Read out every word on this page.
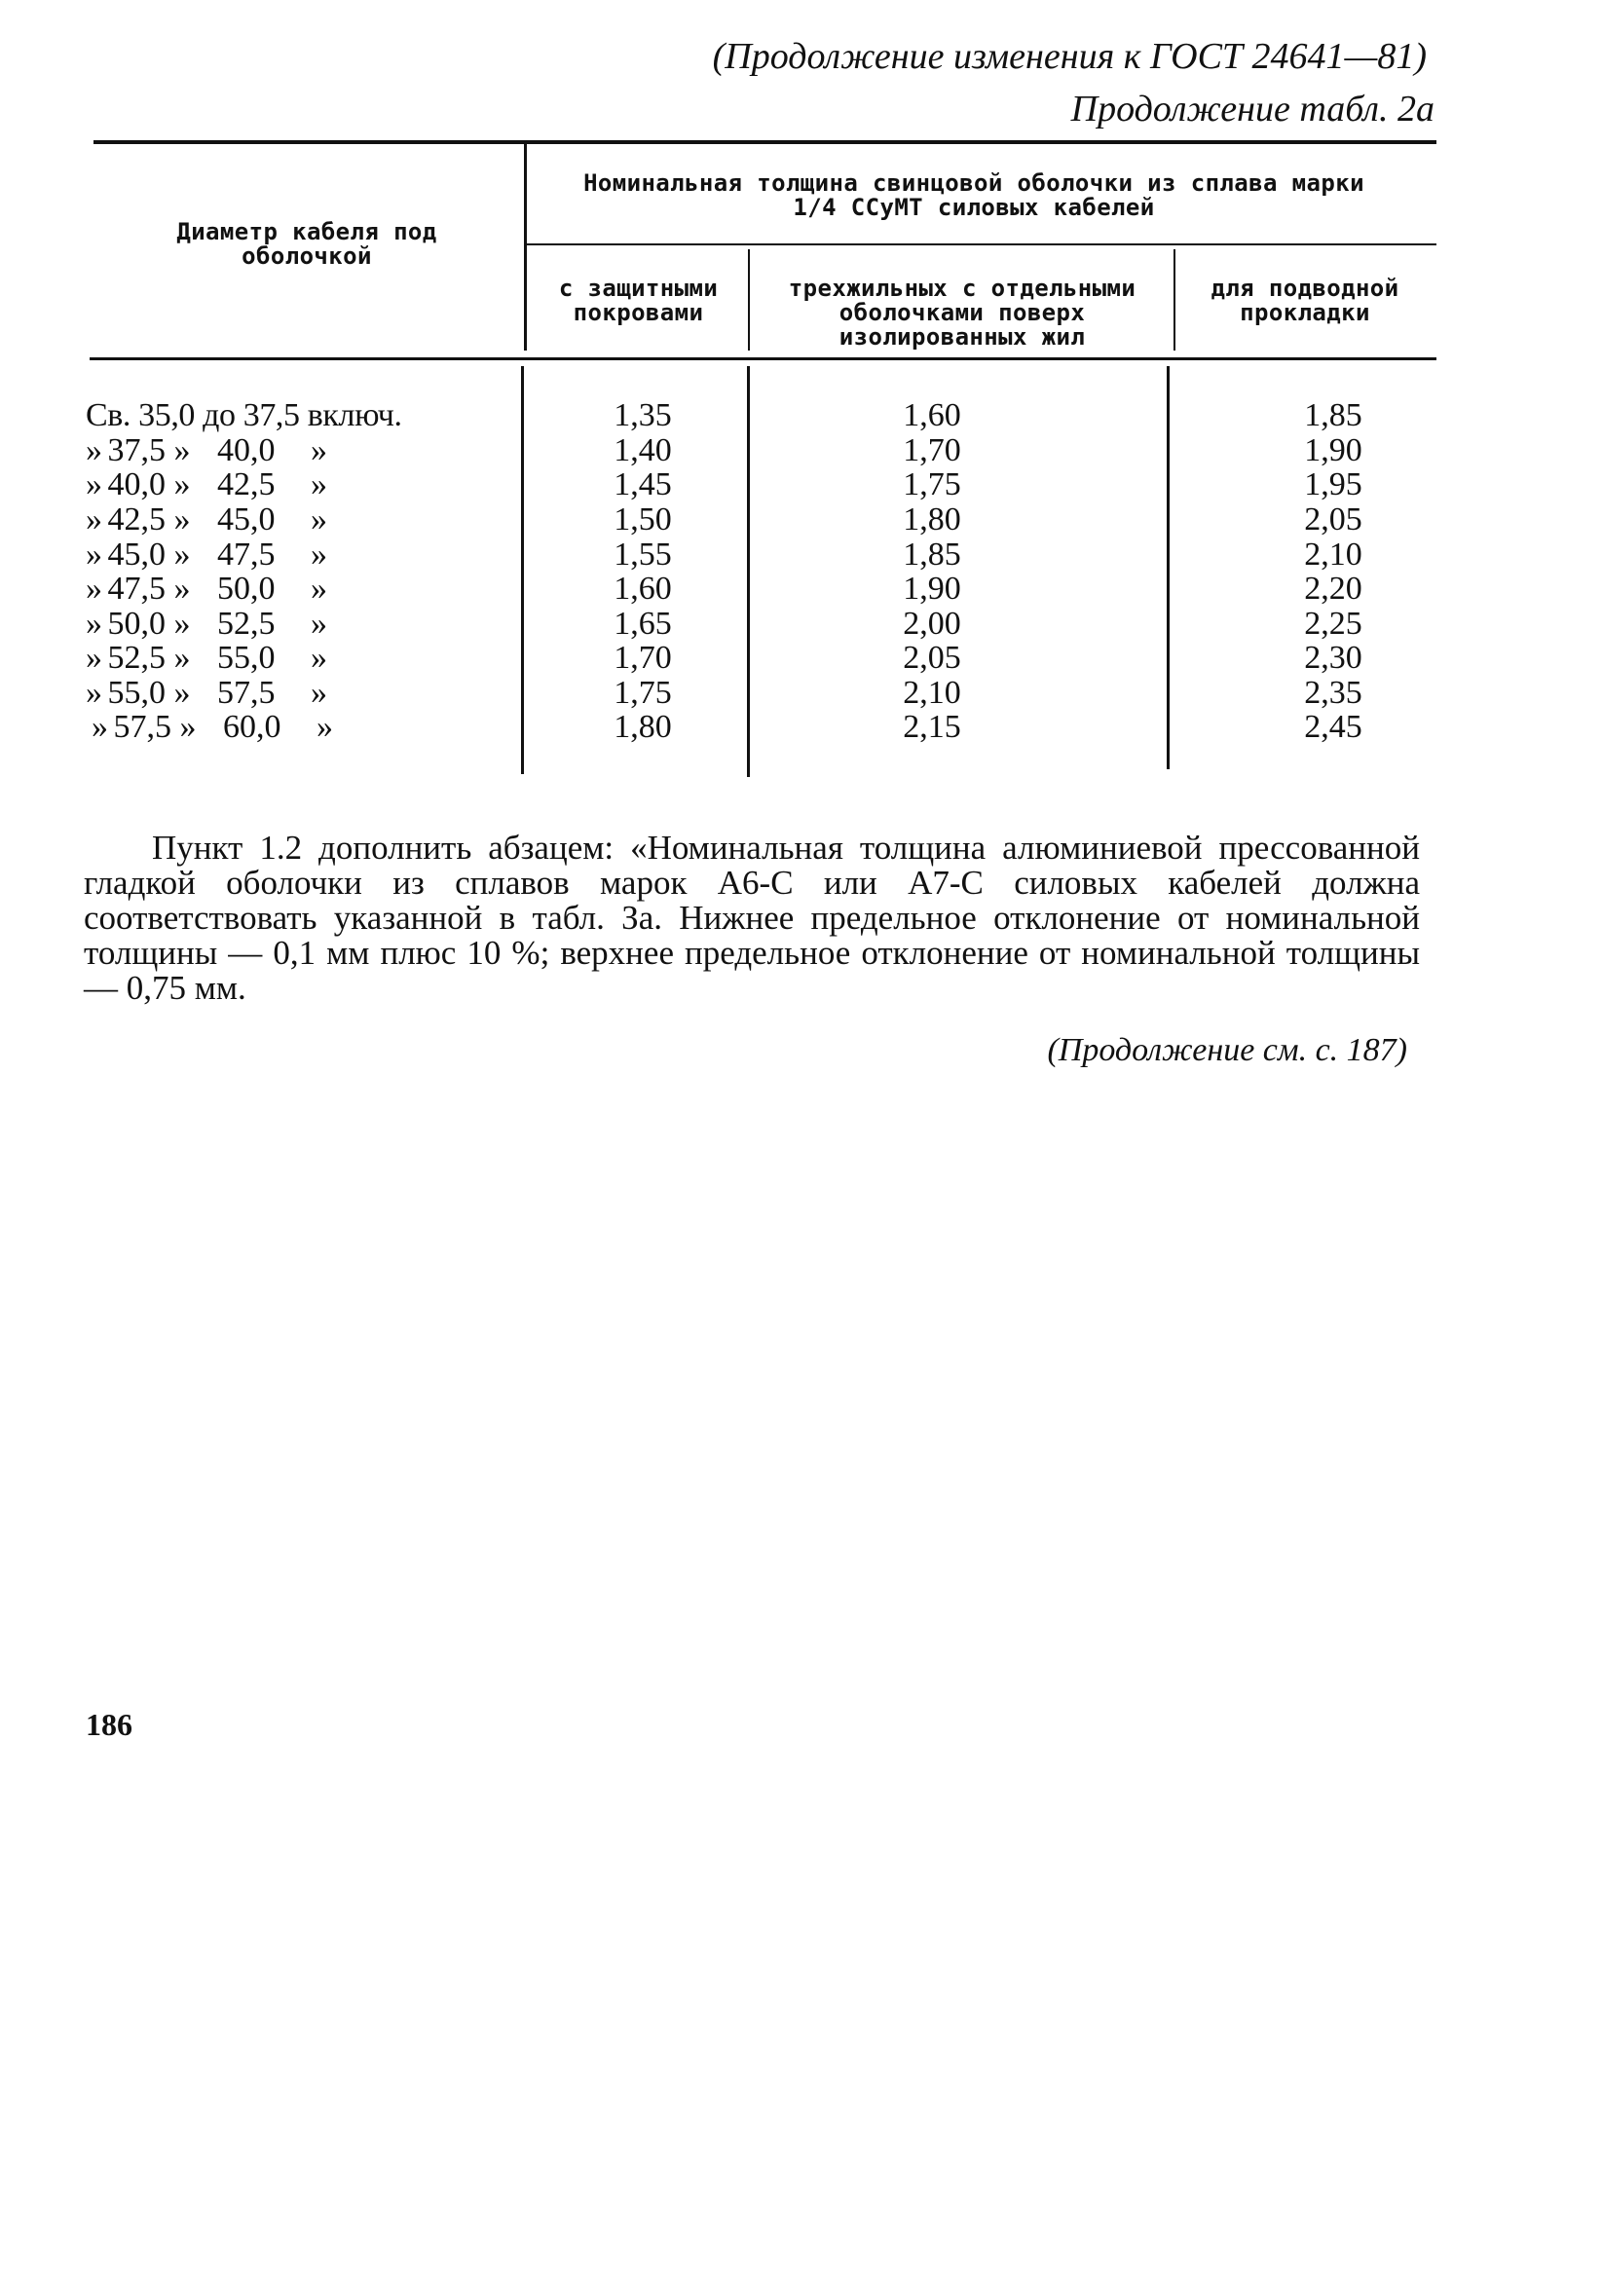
(Продолжение изменения к ГОСТ 24641—81)

Продолжение табл. 2а

Диаметр кабеля под оболочкой
Номинальная толщина свинцовой оболочки из сплава марки 1/4 ССуМТ силовых кабелей
с защитными покровами
трехжильных с отдельными оболочками поверх изолированных жил
для подводной прокладки
Св. 35,0 до 37,5 включ.	1,35	1,60	1,85
» 37,5 » 40,0 »	1,40	1,70	1,90
» 40,0 » 42,5 »	1,45	1,75	1,95
» 42,5 » 45,0 »	1,50	1,80	2,05
» 45,0 » 47,5 »	1,55	1,85	2,10
» 47,5 » 50,0 »	1,60	1,90	2,20
» 50,0 » 52,5 »	1,65	2,00	2,25
» 52,5 » 55,0 »	1,70	2,05	2,30
» 55,0 » 57,5 »	1,75	2,10	2,35
» 57,5 » 60,0 »	1,80	2,15	2,45

Пункт 1.2 дополнить абзацем: «Номинальная толщина алюминиевой прессованной гладкой оболочки из сплавов марок А6-С или А7-С силовых кабелей должна соответствовать указанной в табл. За. Нижнее предельное отклонение от номинальной толщины — 0,1 мм плюс 10 %; верхнее предельное отклонение от номинальной толщины — 0,75 мм.

(Продолжение см. с. 187)

186
